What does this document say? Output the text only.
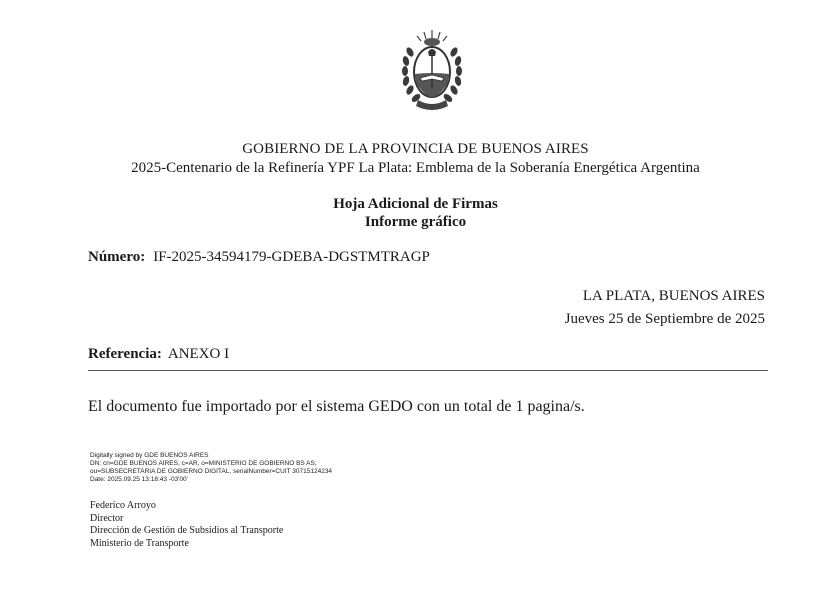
GOBIERNO DE LA PROVINCIA DE BUENOS AIRES
2025-Centenario de la Refinería YPF La Plata: Emblema de la Soberanía Energética Argentina
Hoja Adicional de Firmas
Informe gráfico
Número: IF-2025-34594179-GDEBA-DGSTMTRAGP
LA PLATA, BUENOS AIRES
Jueves 25 de Septiembre de 2025
Referencia: ANEXO I
El documento fue importado por el sistema GEDO con un total de 1 pagina/s.
Digitally signed by GDE BUENOS AIRES
DN: cn=GDE BUENOS AIRES, c=AR, o=MINISTERIO DE GOBIERNO BS AS,
ou=SUBSECRETARIA DE GOBIERNO DIGITAL, serialNumber=CUIT 30715124234
Date: 2025.09.25 13:18:43 -03'00'
Federico Arroyo
Director
Dirección de Gestión de Subsidios al Transporte
Ministerio de Transporte
